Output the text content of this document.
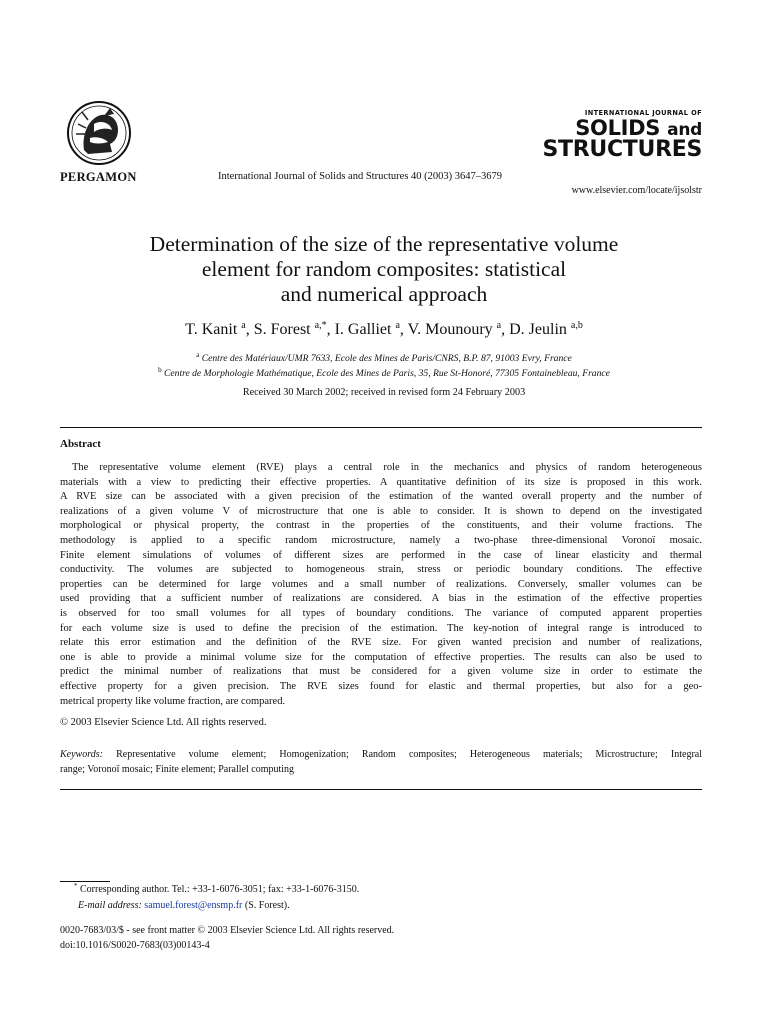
PERGAMON	International Journal of Solids and Structures 40 (2003) 3647–3679
INTERNATIONAL JOURNAL OF
SOLIDS and
STRUCTURES
www.elsevier.com/locate/ijsolstr
Determination of the size of the representative volume
element for random composites: statistical
and numerical approach
T. Kanit $^a$, S. Forest $^{a,*}$, I. Galliet $^a$, V. Mounoury $^a$, D. Jeulin $^{a,b}$
$^a$ Centre des Matériaux/UMR 7633, Ecole des Mines de Paris/CNRS, B.P. 87, 91003 Evry, France
$^b$ Centre de Morphologie Mathématique, Ecole des Mines de Paris, 35, Rue St-Honoré, 77305 Fontainebleau, France
Received 30 March 2002; received in revised form 24 February 2003
Abstract
The representative volume element (RVE) plays a central role in the mechanics and physics of random heterogeneous
materials with a view to predicting their effective properties. A quantitative definition of its size is proposed in this work.
A RVE size can be associated with a given precision of the estimation of the wanted overall property and the number of
realizations of a given volume V of microstructure that one is able to consider. It is shown to depend on the investigated
morphological or physical property, the contrast in the properties of the constituents, and their volume fractions. The
methodology is applied to a specific random microstructure, namely a two-phase three-dimensional Voronoï mosaic.
Finite element simulations of volumes of different sizes are performed in the case of linear elasticity and thermal
conductivity. The volumes are subjected to homogeneous strain, stress or periodic boundary conditions. The effective
properties can be determined for large volumes and a small number of realizations. Conversely, smaller volumes can be
used providing that a sufficient number of realizations are considered. A bias in the estimation of the effective properties
is observed for too small volumes for all types of boundary conditions. The variance of computed apparent properties
for each volume size is used to define the precision of the estimation. The key-notion of integral range is introduced to
relate this error estimation and the definition of the RVE size. For given wanted precision and number of realizations,
one is able to provide a minimal volume size for the computation of effective properties. The results can also be used to
predict the minimal number of realizations that must be considered for a given volume size in order to estimate the
effective property for a given precision. The RVE sizes found for elastic and thermal properties, but also for a geo-
metrical property like volume fraction, are compared.
© 2003 Elsevier Science Ltd. All rights reserved.
Keywords: Representative volume element; Homogenization; Random composites; Heterogeneous materials; Microstructure; Integral
range; Voronoï mosaic; Finite element; Parallel computing
* Corresponding author. Tel.: +33-1-6076-3051; fax: +33-1-6076-3150.
E-mail address: samuel.forest@ensmp.fr (S. Forest).
0020-7683/03/$ - see front matter © 2003 Elsevier Science Ltd. All rights reserved.
doi:10.1016/S0020-7683(03)00143-4
